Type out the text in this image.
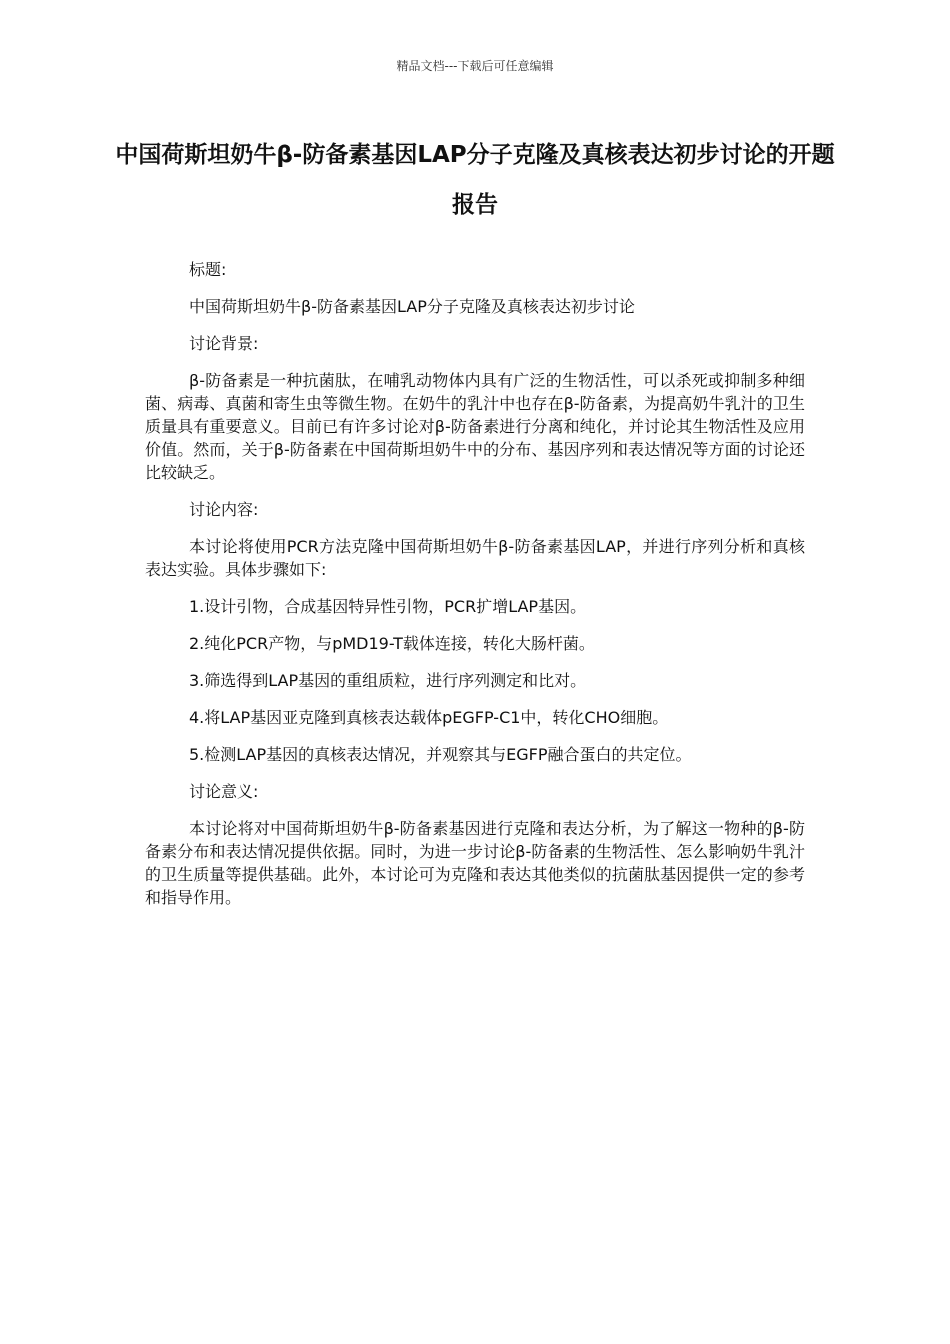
精品文档---下载后可任意编辑
中国荷斯坦奶牛β-防备素基因LAP分子克隆及真核表达初步讨论的开题报告

标题:

中国荷斯坦奶牛β-防备素基因LAP分子克隆及真核表达初步讨论

讨论背景:

β-防备素是一种抗菌肽，在哺乳动物体内具有广泛的生物活性，可以杀死或抑制多种细菌、病毒、真菌和寄生虫等微生物。在奶牛的乳汁中也存在β-防备素，为提高奶牛乳汁的卫生质量具有重要意义。目前已有许多讨论对β-防备素进行分离和纯化，并讨论其生物活性及应用价值。然而，关于β-防备素在中国荷斯坦奶牛中的分布、基因序列和表达情况等方面的讨论还比较缺乏。

讨论内容:

本讨论将使用PCR方法克隆中国荷斯坦奶牛β-防备素基因LAP，并进行序列分析和真核表达实验。具体步骤如下:

1.设计引物，合成基因特异性引物，PCR扩增LAP基因。

2.纯化PCR产物，与pMD19-T载体连接，转化大肠杆菌。

3.筛选得到LAP基因的重组质粒，进行序列测定和比对。

4.将LAP基因亚克隆到真核表达载体pEGFP-C1中，转化CHO细胞。

5.检测LAP基因的真核表达情况，并观察其与EGFP融合蛋白的共定位。

讨论意义:

本讨论将对中国荷斯坦奶牛β-防备素基因进行克隆和表达分析，为了解这一物种的β-防备素分布和表达情况提供依据。同时，为进一步讨论β-防备素的生物活性、怎么影响奶牛乳汁的卫生质量等提供基础。此外，本讨论可为克隆和表达其他类似的抗菌肽基因提供一定的参考和指导作用。
